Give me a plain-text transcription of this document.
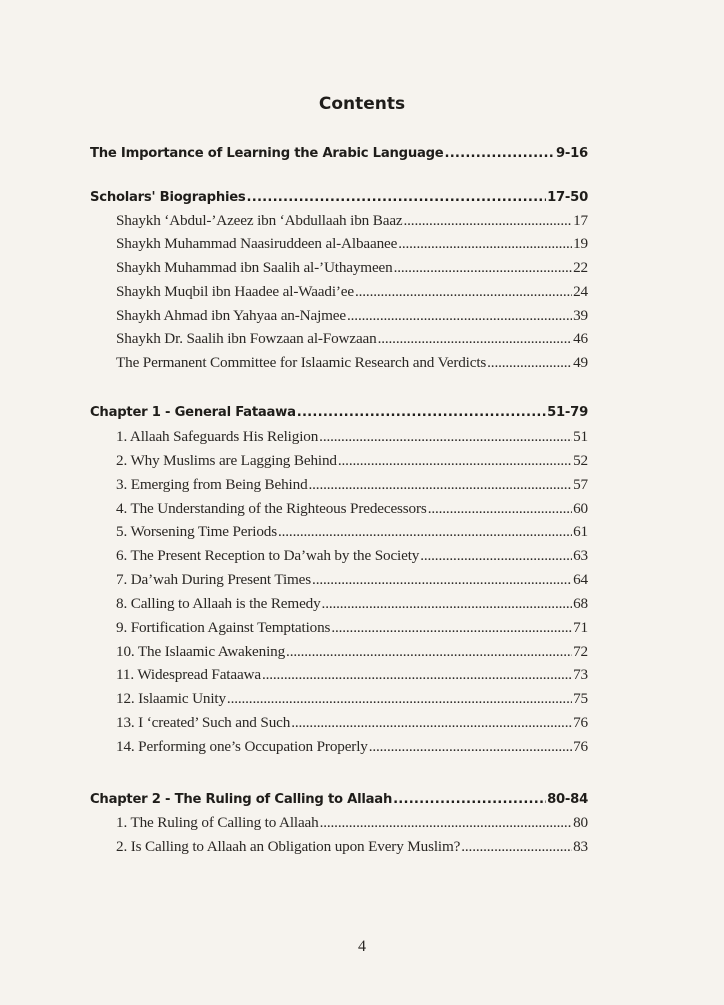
Contents
The Importance of Learning the Arabic Language .....	9-16
Scholars' Biographies .....	17-50
Shaykh ‘Abdul-’Azeez ibn ‘Abdullaah ibn Baaz .....	17
Shaykh Muhammad Naasiruddeen al-Albaanee .....	19
Shaykh Muhammad ibn Saalih al-’Uthaymeen .....	22
Shaykh Muqbil ibn Haadee al-Waadi’ee .....	24
Shaykh Ahmad ibn Yahyaa an-Najmee .....	39
Shaykh Dr. Saalih ibn Fowzaan al-Fowzaan .....	46
The Permanent Committee for Islaamic Research and Verdicts .....	49
Chapter 1 - General Fataawa .....	51-79
1. Allaah Safeguards His Religion .....	51
2. Why Muslims are Lagging Behind .....	52
3. Emerging from Being Behind .....	57
4. The Understanding of the Righteous Predecessors .....	60
5. Worsening Time Periods .....	61
6. The Present Reception to Da’wah by the Society .....	63
7. Da’wah During Present Times .....	64
8. Calling to Allaah is the Remedy .....	68
9. Fortification Against Temptations .....	71
10. The Islaamic Awakening .....	72
11. Widespread Fataawa .....	73
12. Islaamic Unity .....	75
13. I ‘created’ Such and Such .....	76
14. Performing one’s Occupation Properly .....	76
Chapter 2 - The Ruling of Calling to Allaah .....	80-84
1. The Ruling of Calling to Allaah .....	80
2. Is Calling to Allaah an Obligation upon Every Muslim? .....	83
4
